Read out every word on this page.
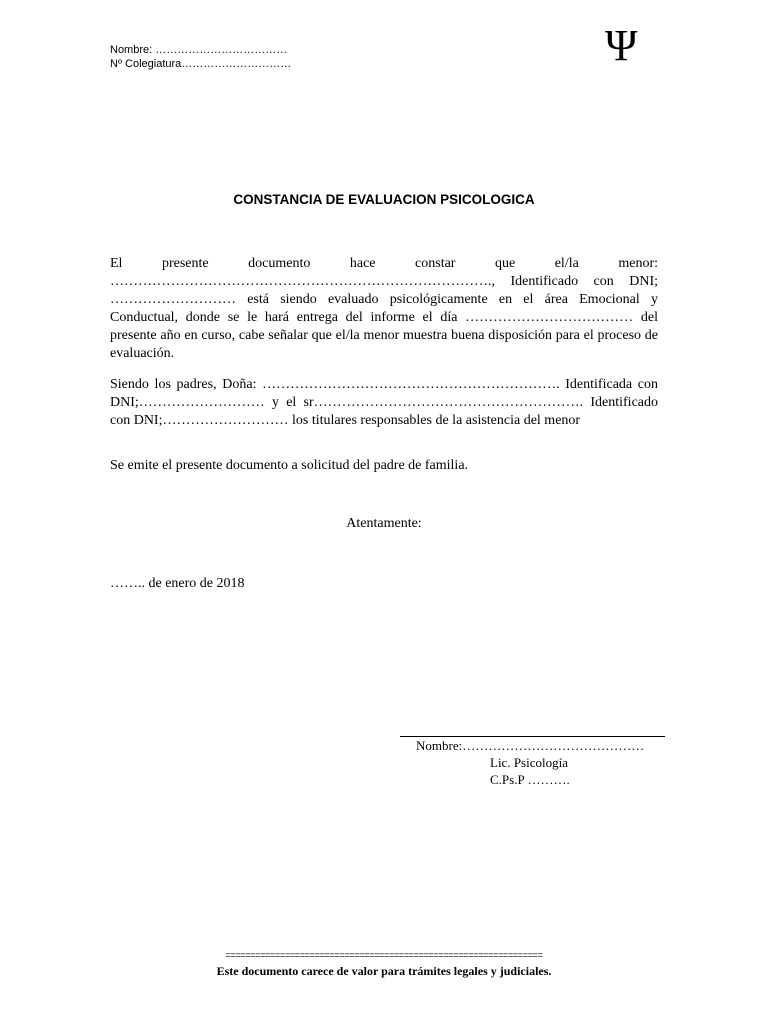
Nombre: ………………………………
Nº Colegiatura…………………………	Ψ
CONSTANCIA DE EVALUACION PSICOLOGICA
El presente documento hace constar que el/la menor: ………………………………………………………………………., Identificado con DNI; ……………………… está siendo evaluado psicológicamente en el área Emocional y Conductual, donde se le hará entrega del informe el día ……………………………… del presente año en curso, cabe señalar que el/la menor muestra buena disposición para el proceso de evaluación.
Siendo los padres, Doña: ………………………………………………………. Identificada con DNI;……………………… y el sr…………………………………………………. Identificado con DNI;……………………… los titulares responsables de la asistencia del menor
Se emite el presente documento a solicitud del padre de familia.
Atentamente:
…….. de enero de 2018
Nombre:……………………………………
Lic. Psicología
C.Ps.P ……….
================================================================
Este documento carece de valor para trámites legales y judiciales.
